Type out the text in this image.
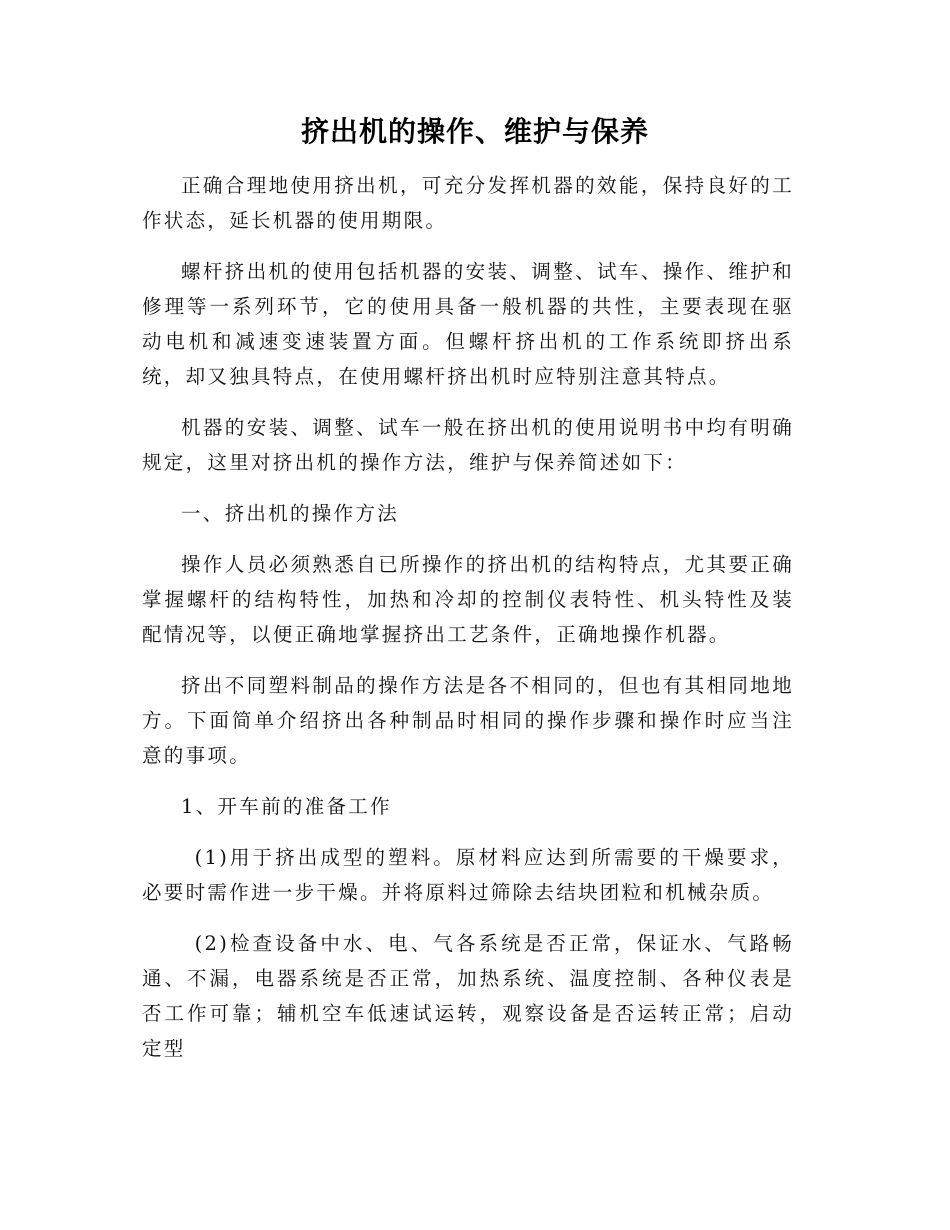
挤出机的操作、维护与保养

正确合理地使用挤出机，可充分发挥机器的效能，保持良好的工作状态，延长机器的使用期限。

螺杆挤出机的使用包括机器的安装、调整、试车、操作、维护和修理等一系列环节，它的使用具备一般机器的共性，主要表现在驱动电机和减速变速装置方面。但螺杆挤出机的工作系统即挤出系统，却又独具特点，在使用螺杆挤出机时应特别注意其特点。

机器的安装、调整、试车一般在挤出机的使用说明书中均有明确规定，这里对挤出机的操作方法，维护与保养简述如下：

一、挤出机的操作方法

操作人员必须熟悉自已所操作的挤出机的结构特点，尤其要正确掌握螺杆的结构特性，加热和冷却的控制仪表特性、机头特性及装配情况等，以便正确地掌握挤出工艺条件，正确地操作机器。

挤出不同塑料制品的操作方法是各不相同的，但也有其相同地地方。下面简单介绍挤出各种制品时相同的操作步骤和操作时应当注意的事项。

1、开车前的准备工作

(1)用于挤出成型的塑料。原材料应达到所需要的干燥要求，必要时需作进一步干燥。并将原料过筛除去结块团粒和机械杂质。

(2)检查设备中水、电、气各系统是否正常，保证水、气路畅通、不漏，电器系统是否正常，加热系统、温度控制、各种仪表是否工作可靠；辅机空车低速试运转，观察设备是否运转正常；启动定型
